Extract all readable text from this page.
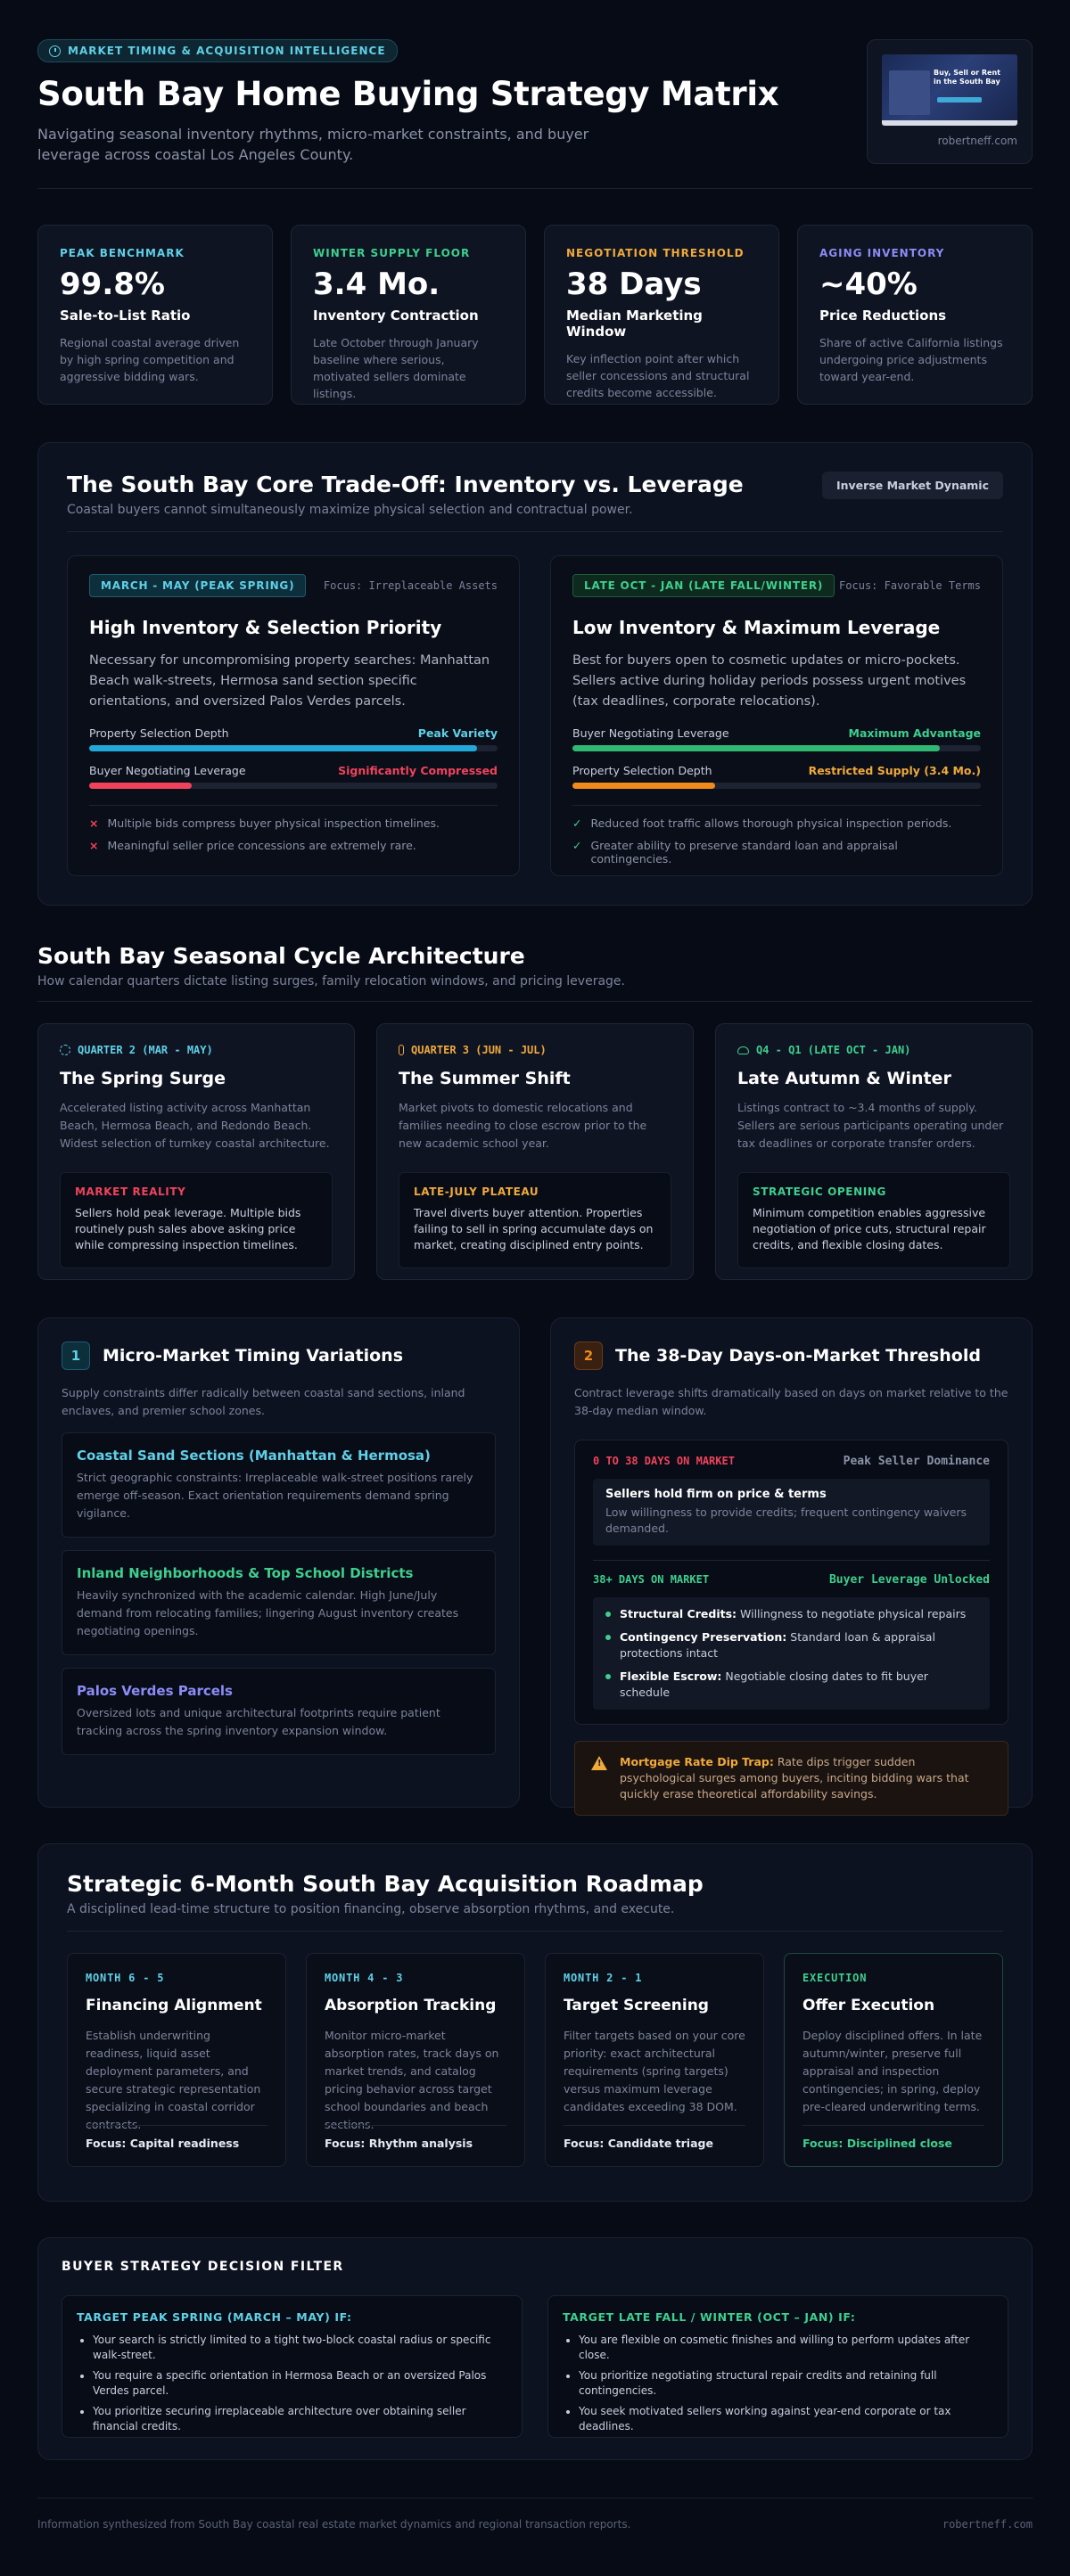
MARKET TIMING & ACQUISITION INTELLIGENCE
South Bay Home Buying Strategy Matrix
Navigating seasonal inventory rhythms, micro-market constraints, and buyer leverage across coastal Los Angeles County.
Buy, Sell or Rent in the South Bay
robertneff.com
PEAK BENCHMARK
99.8%
Sale-to-List Ratio
Regional coastal average driven by high spring competition and aggressive bidding wars.
WINTER SUPPLY FLOOR
3.4 Mo.
Inventory Contraction
Late October through January baseline where serious, motivated sellers dominate listings.
NEGOTIATION THRESHOLD
38 Days
Median Marketing Window
Key inflection point after which seller concessions and structural credits become accessible.
AGING INVENTORY
~40%
Price Reductions
Share of active California listings undergoing price adjustments toward year-end.
The South Bay Core Trade-Off: Inventory vs. Leverage
Coastal buyers cannot simultaneously maximize physical selection and contractual power.
Inverse Market Dynamic
MARCH - MAY (PEAK SPRING)	Focus: Irreplaceable Assets
High Inventory & Selection Priority
Necessary for uncompromising property searches: Manhattan Beach walk-streets, Hermosa sand section specific orientations, and oversized Palos Verdes parcels.
Property Selection Depth	Peak Variety
Buyer Negotiating Leverage	Significantly Compressed
× Multiple bids compress buyer physical inspection timelines.
× Meaningful seller price concessions are extremely rare.
LATE OCT - JAN (LATE FALL/WINTER)	Focus: Favorable Terms
Low Inventory & Maximum Leverage
Best for buyers open to cosmetic updates or micro-pockets. Sellers active during holiday periods possess urgent motives (tax deadlines, corporate relocations).
Buyer Negotiating Leverage	Maximum Advantage
Property Selection Depth	Restricted Supply (3.4 Mo.)
✓ Reduced foot traffic allows thorough physical inspection periods.
✓ Greater ability to preserve standard loan and appraisal contingencies.
South Bay Seasonal Cycle Architecture
How calendar quarters dictate listing surges, family relocation windows, and pricing leverage.
QUARTER 2 (MAR - MAY)
The Spring Surge
Accelerated listing activity across Manhattan Beach, Hermosa Beach, and Redondo Beach. Widest selection of turnkey coastal architecture.
MARKET REALITY
Sellers hold peak leverage. Multiple bids routinely push sales above asking price while compressing inspection timelines.
QUARTER 3 (JUN - JUL)
The Summer Shift
Market pivots to domestic relocations and families needing to close escrow prior to the new academic school year.
LATE-JULY PLATEAU
Travel diverts buyer attention. Properties failing to sell in spring accumulate days on market, creating disciplined entry points.
Q4 - Q1 (LATE OCT - JAN)
Late Autumn & Winter
Listings contract to ~3.4 months of supply. Sellers are serious participants operating under tax deadlines or corporate transfer orders.
STRATEGIC OPENING
Minimum competition enables aggressive negotiation of price cuts, structural repair credits, and flexible closing dates.
1	Micro-Market Timing Variations
Supply constraints differ radically between coastal sand sections, inland enclaves, and premier school zones.
Coastal Sand Sections (Manhattan & Hermosa)
Strict geographic constraints: Irreplaceable walk-street positions rarely emerge off-season. Exact orientation requirements demand spring vigilance.
Inland Neighborhoods & Top School Districts
Heavily synchronized with the academic calendar. High June/July demand from relocating families; lingering August inventory creates negotiating openings.
Palos Verdes Parcels
Oversized lots and unique architectural footprints require patient tracking across the spring inventory expansion window.
2	The 38-Day Days-on-Market Threshold
Contract leverage shifts dramatically based on days on market relative to the 38-day median window.
0 TO 38 DAYS ON MARKET	Peak Seller Dominance
Sellers hold firm on price & terms
Low willingness to provide credits; frequent contingency waivers demanded.
38+ DAYS ON MARKET	Buyer Leverage Unlocked
Structural Credits: Willingness to negotiate physical repairs
Contingency Preservation: Standard loan & appraisal protections intact
Flexible Escrow: Negotiable closing dates to fit buyer schedule
!
Mortgage Rate Dip Trap: Rate dips trigger sudden psychological surges among buyers, inciting bidding wars that quickly erase theoretical affordability savings.
Strategic 6-Month South Bay Acquisition Roadmap
A disciplined lead-time structure to position financing, observe absorption rhythms, and execute.
MONTH 6 - 5
Financing Alignment
Establish underwriting readiness, liquid asset deployment parameters, and secure strategic representation specializing in coastal corridor contracts.
Focus: Capital readiness
MONTH 4 - 3
Absorption Tracking
Monitor micro-market absorption rates, track days on market trends, and catalog pricing behavior across target school boundaries and beach sections.
Focus: Rhythm analysis
MONTH 2 - 1
Target Screening
Filter targets based on your core priority: exact architectural requirements (spring targets) versus maximum leverage candidates exceeding 38 DOM.
Focus: Candidate triage
EXECUTION
Offer Execution
Deploy disciplined offers. In late autumn/winter, preserve full appraisal and inspection contingencies; in spring, deploy pre-cleared underwriting terms.
Focus: Disciplined close
BUYER STRATEGY DECISION FILTER
TARGET PEAK SPRING (MARCH – MAY) IF:
• Your search is strictly limited to a tight two-block coastal radius or specific walk-street.
• You require a specific orientation in Hermosa Beach or an oversized Palos Verdes parcel.
• You prioritize securing irreplaceable architecture over obtaining seller financial credits.
TARGET LATE FALL / WINTER (OCT – JAN) IF:
• You are flexible on cosmetic finishes and willing to perform updates after close.
• You prioritize negotiating structural repair credits and retaining full contingencies.
• You seek motivated sellers working against year-end corporate or tax deadlines.
Information synthesized from South Bay coastal real estate market dynamics and regional transaction reports.	robertneff.com
